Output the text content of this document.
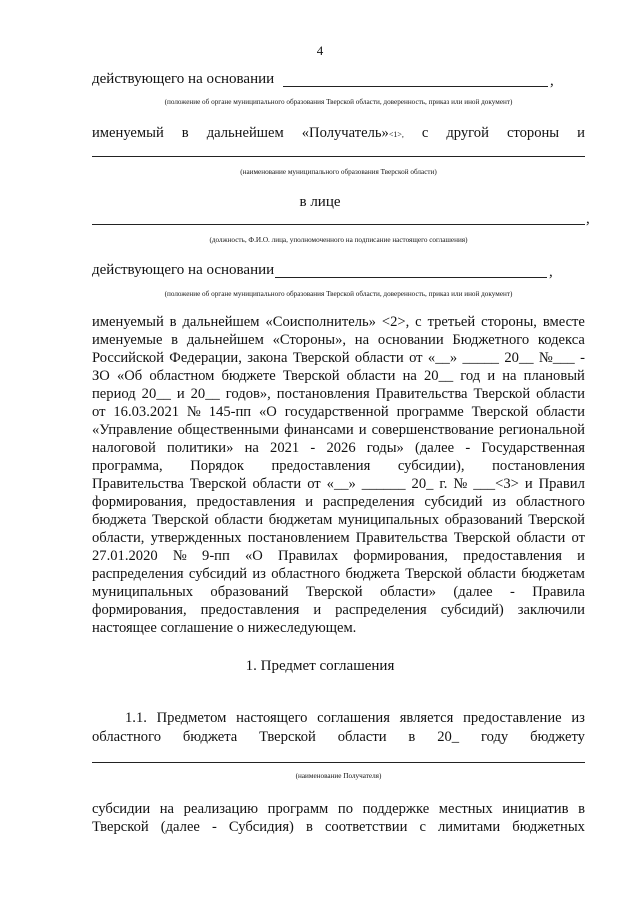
4
действующего на основании	,
(положение об органе муниципального образования Тверской области, доверенность, приказ или иной документ)
именуемый в дальнейшем «Получатель»<1>, с другой стороны и
(наименование муниципального образования Тверской области)
в лице
,
(должность, Ф.И.О. лица, уполномоченного на подписание настоящего соглашения)
действующего на основании	,
(положение об органе муниципального образования Тверской области, доверенность, приказ или иной документ)
именуемый в дальнейшем «Соисполнитель» <2>, с третьей стороны, вместе
именуемые в дальнейшем «Стороны», на основании Бюджетного кодекса
Российской Федерации, закона Тверской области от «__» _____ 20__ №___ -
ЗО «Об областном бюджете Тверской области на 20__ год и на плановый
период 20__ и 20__ годов», постановления Правительства Тверской области
от 16.03.2021 № 145-пп «О государственной программе Тверской области
«Управление общественными финансами и совершенствование региональной
налоговой политики» на 2021 - 2026 годы» (далее - Государственная
программа, Порядок предоставления субсидии), постановления
Правительства Тверской области от «__» ______ 20_ г. № ___<3> и Правил
формирования, предоставления и распределения субсидий из областного
бюджета Тверской области бюджетам муниципальных образований Тверской
области, утвержденных постановлением Правительства Тверской области от
27.01.2020 № 9-пп «О Правилах формирования, предоставления и
распределения субсидий из областного бюджета Тверской области бюджетам
муниципальных образований Тверской области» (далее - Правила
формирования, предоставления и распределения субсидий) заключили
настоящее соглашение о нижеследующем.
1. Предмет соглашения
1.1. Предметом настоящего соглашения является предоставление из
областного бюджета Тверской области в 20_ году бюджету
(наименование Получателя)
субсидии на реализацию программ по поддержке местных инициатив в
Тверской (далее - Субсидия) в соответствии с лимитами бюджетных
